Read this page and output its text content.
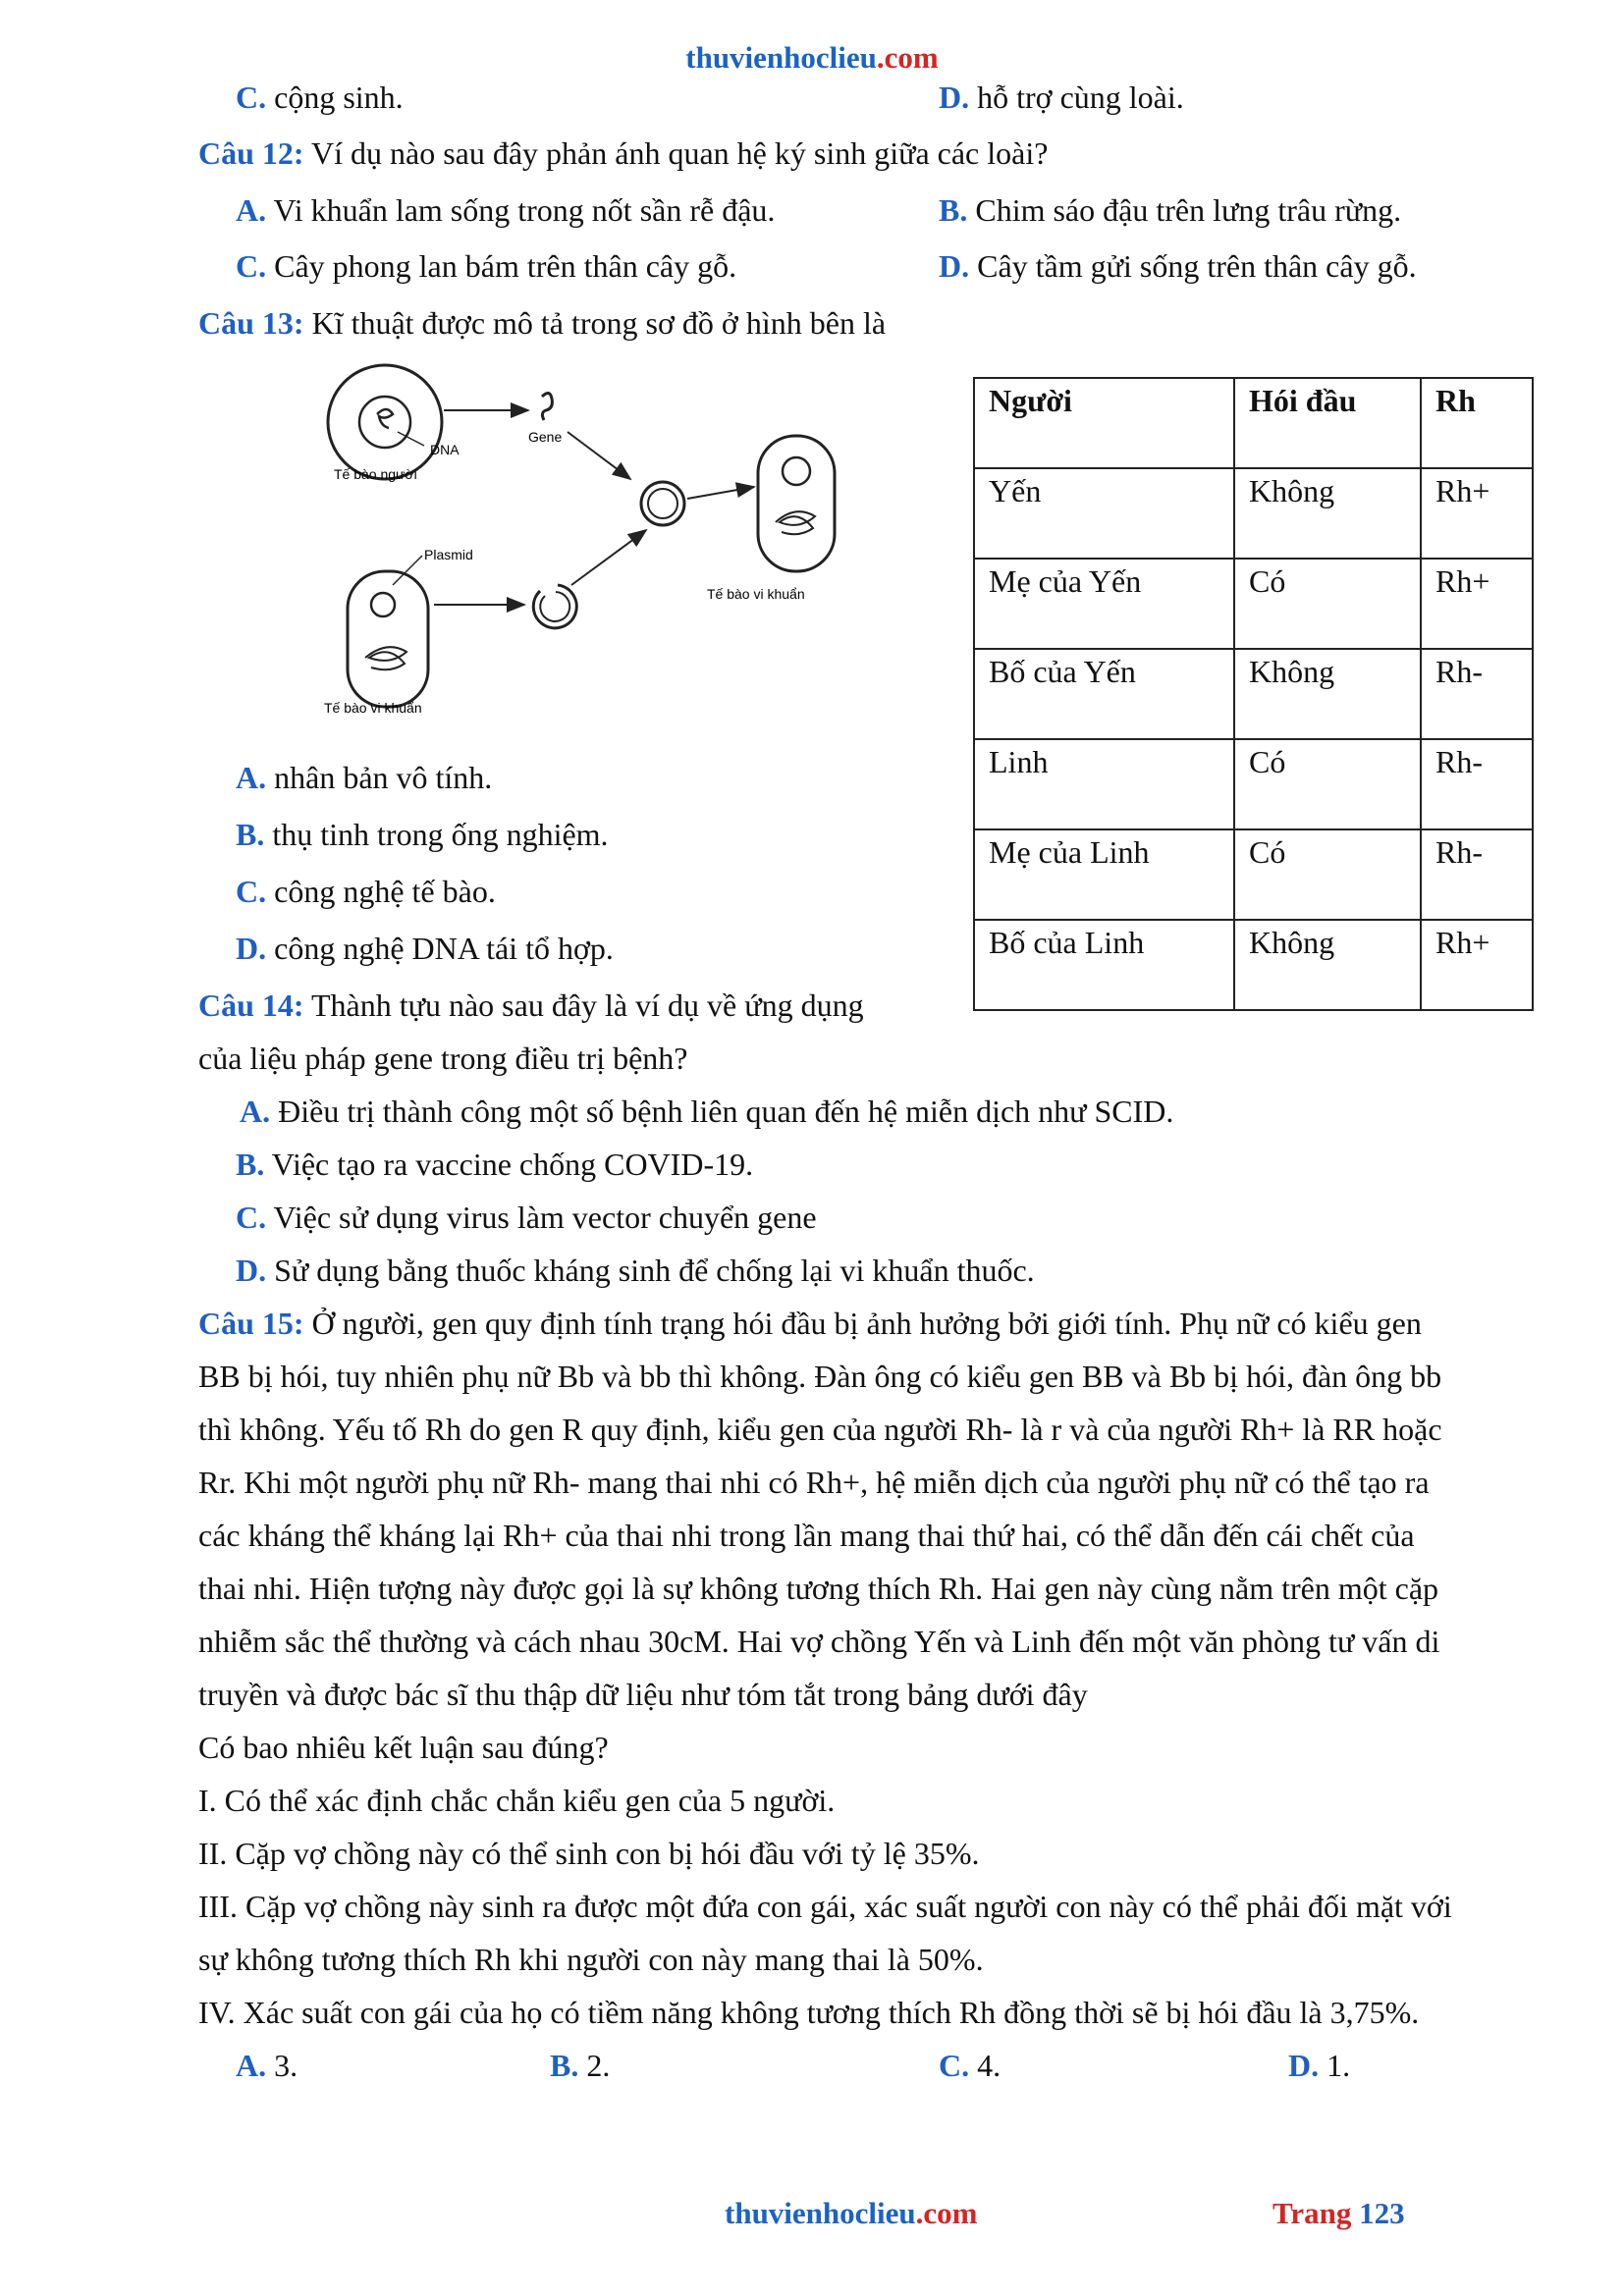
thuvienhoclieu.com
C. cộng sinh.	D. hỗ trợ cùng loài.
Câu 12: Ví dụ nào sau đây phản ánh quan hệ ký sinh giữa các loài?
A. Vi khuẩn lam sống trong nốt sần rễ đậu.	B. Chim sáo đậu trên lưng trâu rừng.
C. Cây phong lan bám trên thân cây gỗ.	D. Cây tầm gửi sống trên thân cây gỗ.
Câu 13: Kĩ thuật được mô tả trong sơ đồ ở hình bên là
DNA
Tế bào người
Gene
Tế bào vi khuẩn
Plasmid
Tế bào vi khuẩn
A. nhân bản vô tính.
B. thụ tinh trong ống nghiệm.
C. công nghệ tế bào.
D. công nghệ DNA tái tổ hợp.
Người	Hói đầu	Rh
Yến	Không	Rh+
Mẹ của Yến	Có	Rh+
Bố của Yến	Không	Rh-
Linh	Có	Rh-
Mẹ của Linh	Có	Rh-
Bố của Linh	Không	Rh+
Câu 14: Thành tựu nào sau đây là ví dụ về ứng dụng
của liệu pháp gene trong điều trị bệnh?
A. Điều trị thành công một số bệnh liên quan đến hệ miễn dịch như SCID.
B. Việc tạo ra vaccine chống COVID-19.
C. Việc sử dụng virus làm vector chuyển gene
D. Sử dụng bằng thuốc kháng sinh để chống lại vi khuẩn thuốc.
Câu 15: Ở người, gen quy định tính trạng hói đầu bị ảnh hưởng bởi giới tính. Phụ nữ có kiểu gen
BB bị hói, tuy nhiên phụ nữ Bb và bb thì không. Đàn ông có kiểu gen BB và Bb bị hói, đàn ông bb
thì không. Yếu tố Rh do gen R quy định, kiểu gen của người Rh- là r và của người Rh+ là RR hoặc
Rr. Khi một người phụ nữ Rh- mang thai nhi có Rh+, hệ miễn dịch của người phụ nữ có thể tạo ra
các kháng thể kháng lại Rh+ của thai nhi trong lần mang thai thứ hai, có thể dẫn đến cái chết của
thai nhi. Hiện tượng này được gọi là sự không tương thích Rh. Hai gen này cùng nằm trên một cặp
nhiễm sắc thể thường và cách nhau 30cM. Hai vợ chồng Yến và Linh đến một văn phòng tư vấn di
truyền và được bác sĩ thu thập dữ liệu như tóm tắt trong bảng dưới đây
Có bao nhiêu kết luận sau đúng?
I. Có thể xác định chắc chắn kiểu gen của 5 người.
II. Cặp vợ chồng này có thể sinh con bị hói đầu với tỷ lệ 35%.
III. Cặp vợ chồng này sinh ra được một đứa con gái, xác suất người con này có thể phải đối mặt với
sự không tương thích Rh khi người con này mang thai là 50%.
IV. Xác suất con gái của họ có tiềm năng không tương thích Rh đồng thời sẽ bị hói đầu là 3,75%.
A. 3.	B. 2.	C. 4.	D. 1.
thuvienhoclieu.com	Trang 123
